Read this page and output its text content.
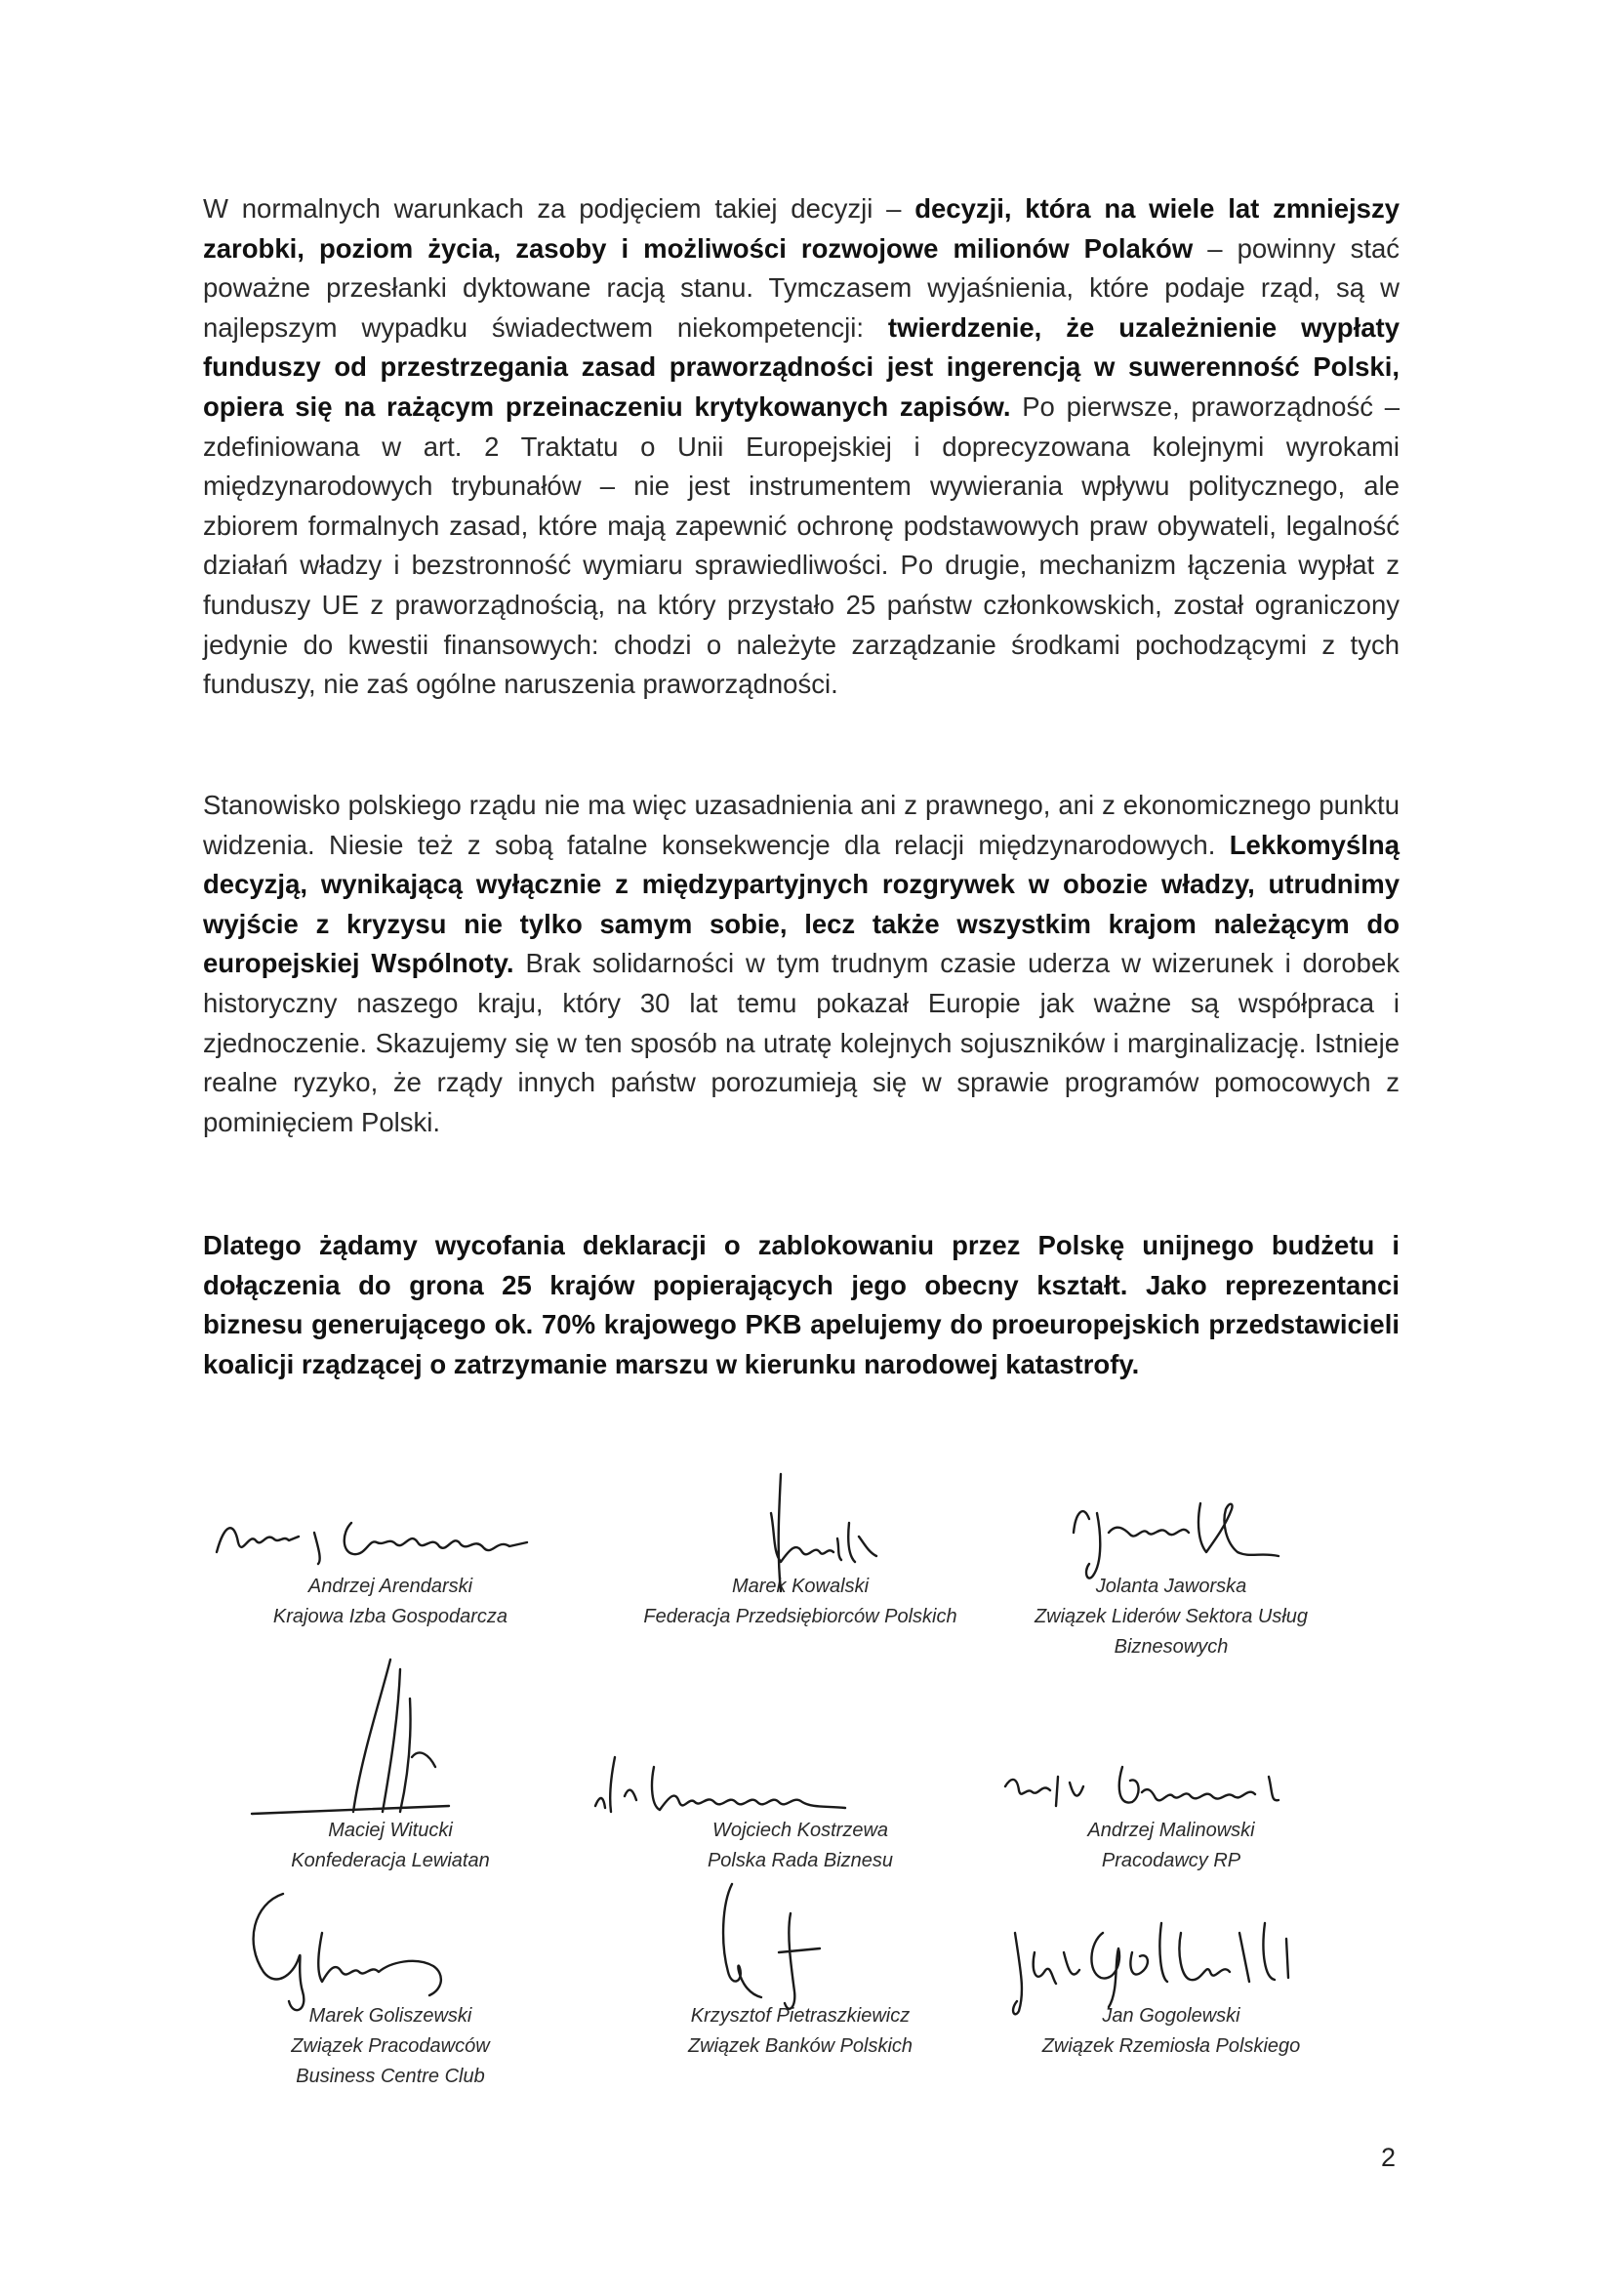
W normalnych warunkach za podjęciem takiej decyzji – decyzji, która na wiele lat zmniejszy zarobki, poziom życia, zasoby i możliwości rozwojowe milionów Polaków – powinny stać poważne przesłanki dyktowane racją stanu. Tymczasem wyjaśnienia, które podaje rząd, są w najlepszym wypadku świadectwem niekompetencji: twierdzenie, że uzależnienie wypłaty funduszy od przestrzegania zasad praworządności jest ingerencją w suwerenność Polski, opiera się na rażącym przeinaczeniu krytykowanych zapisów. Po pierwsze, praworządność – zdefiniowana w art. 2 Traktatu o Unii Europejskiej i doprecyzowana kolejnymi wyrokami międzynarodowych trybunałów – nie jest instrumentem wywierania wpływu politycznego, ale zbiorem formalnych zasad, które mają zapewnić ochronę podstawowych praw obywateli, legalność działań władzy i bezstronność wymiaru sprawiedliwości. Po drugie, mechanizm łączenia wypłat z funduszy UE z praworządnością, na który przystało 25 państw członkowskich, został ograniczony jedynie do kwestii finansowych: chodzi o należyte zarządzanie środkami pochodzącymi z tych funduszy, nie zaś ogólne naruszenia praworządności.

Stanowisko polskiego rządu nie ma więc uzasadnienia ani z prawnego, ani z ekonomicznego punktu widzenia. Niesie też z sobą fatalne konsekwencje dla relacji międzynarodowych. Lekkomyślną decyzją, wynikającą wyłącznie z międzypartyjnych rozgrywek w obozie władzy, utrudnimy wyjście z kryzysu nie tylko samym sobie, lecz także wszystkim krajom należącym do europejskiej Wspólnoty. Brak solidarności w tym trudnym czasie uderza w wizerunek i dorobek historyczny naszego kraju, który 30 lat temu pokazał Europie jak ważne są współpraca i zjednoczenie. Skazujemy się w ten sposób na utratę kolejnych sojuszników i marginalizację. Istnieje realne ryzyko, że rządy innych państw porozumieją się w sprawie programów pomocowych z pominięciem Polski.

Dlatego żądamy wycofania deklaracji o zablokowaniu przez Polskę unijnego budżetu i dołączenia do grona 25 krajów popierających jego obecny kształt. Jako reprezentanci biznesu generującego ok. 70% krajowego PKB apelujemy do proeuropejskich przedstawicieli koalicji rządzącej o zatrzymanie marszu w kierunku narodowej katastrofy.

Andrzej Arendarski
Krajowa Izba Gospodarcza
Marek Kowalski
Federacja Przedsiębiorców Polskich
Jolanta Jaworska
Związek Liderów Sektora Usług
Biznesowych
Maciej Witucki
Konfederacja Lewiatan
Wojciech Kostrzewa
Polska Rada Biznesu
Andrzej Malinowski
Pracodawcy RP
Marek Goliszewski
Związek Pracodawców
Business Centre Club
Krzysztof Pietraszkiewicz
Związek Banków Polskich
Jan Gogolewski
Związek Rzemiosła Polskiego
2
